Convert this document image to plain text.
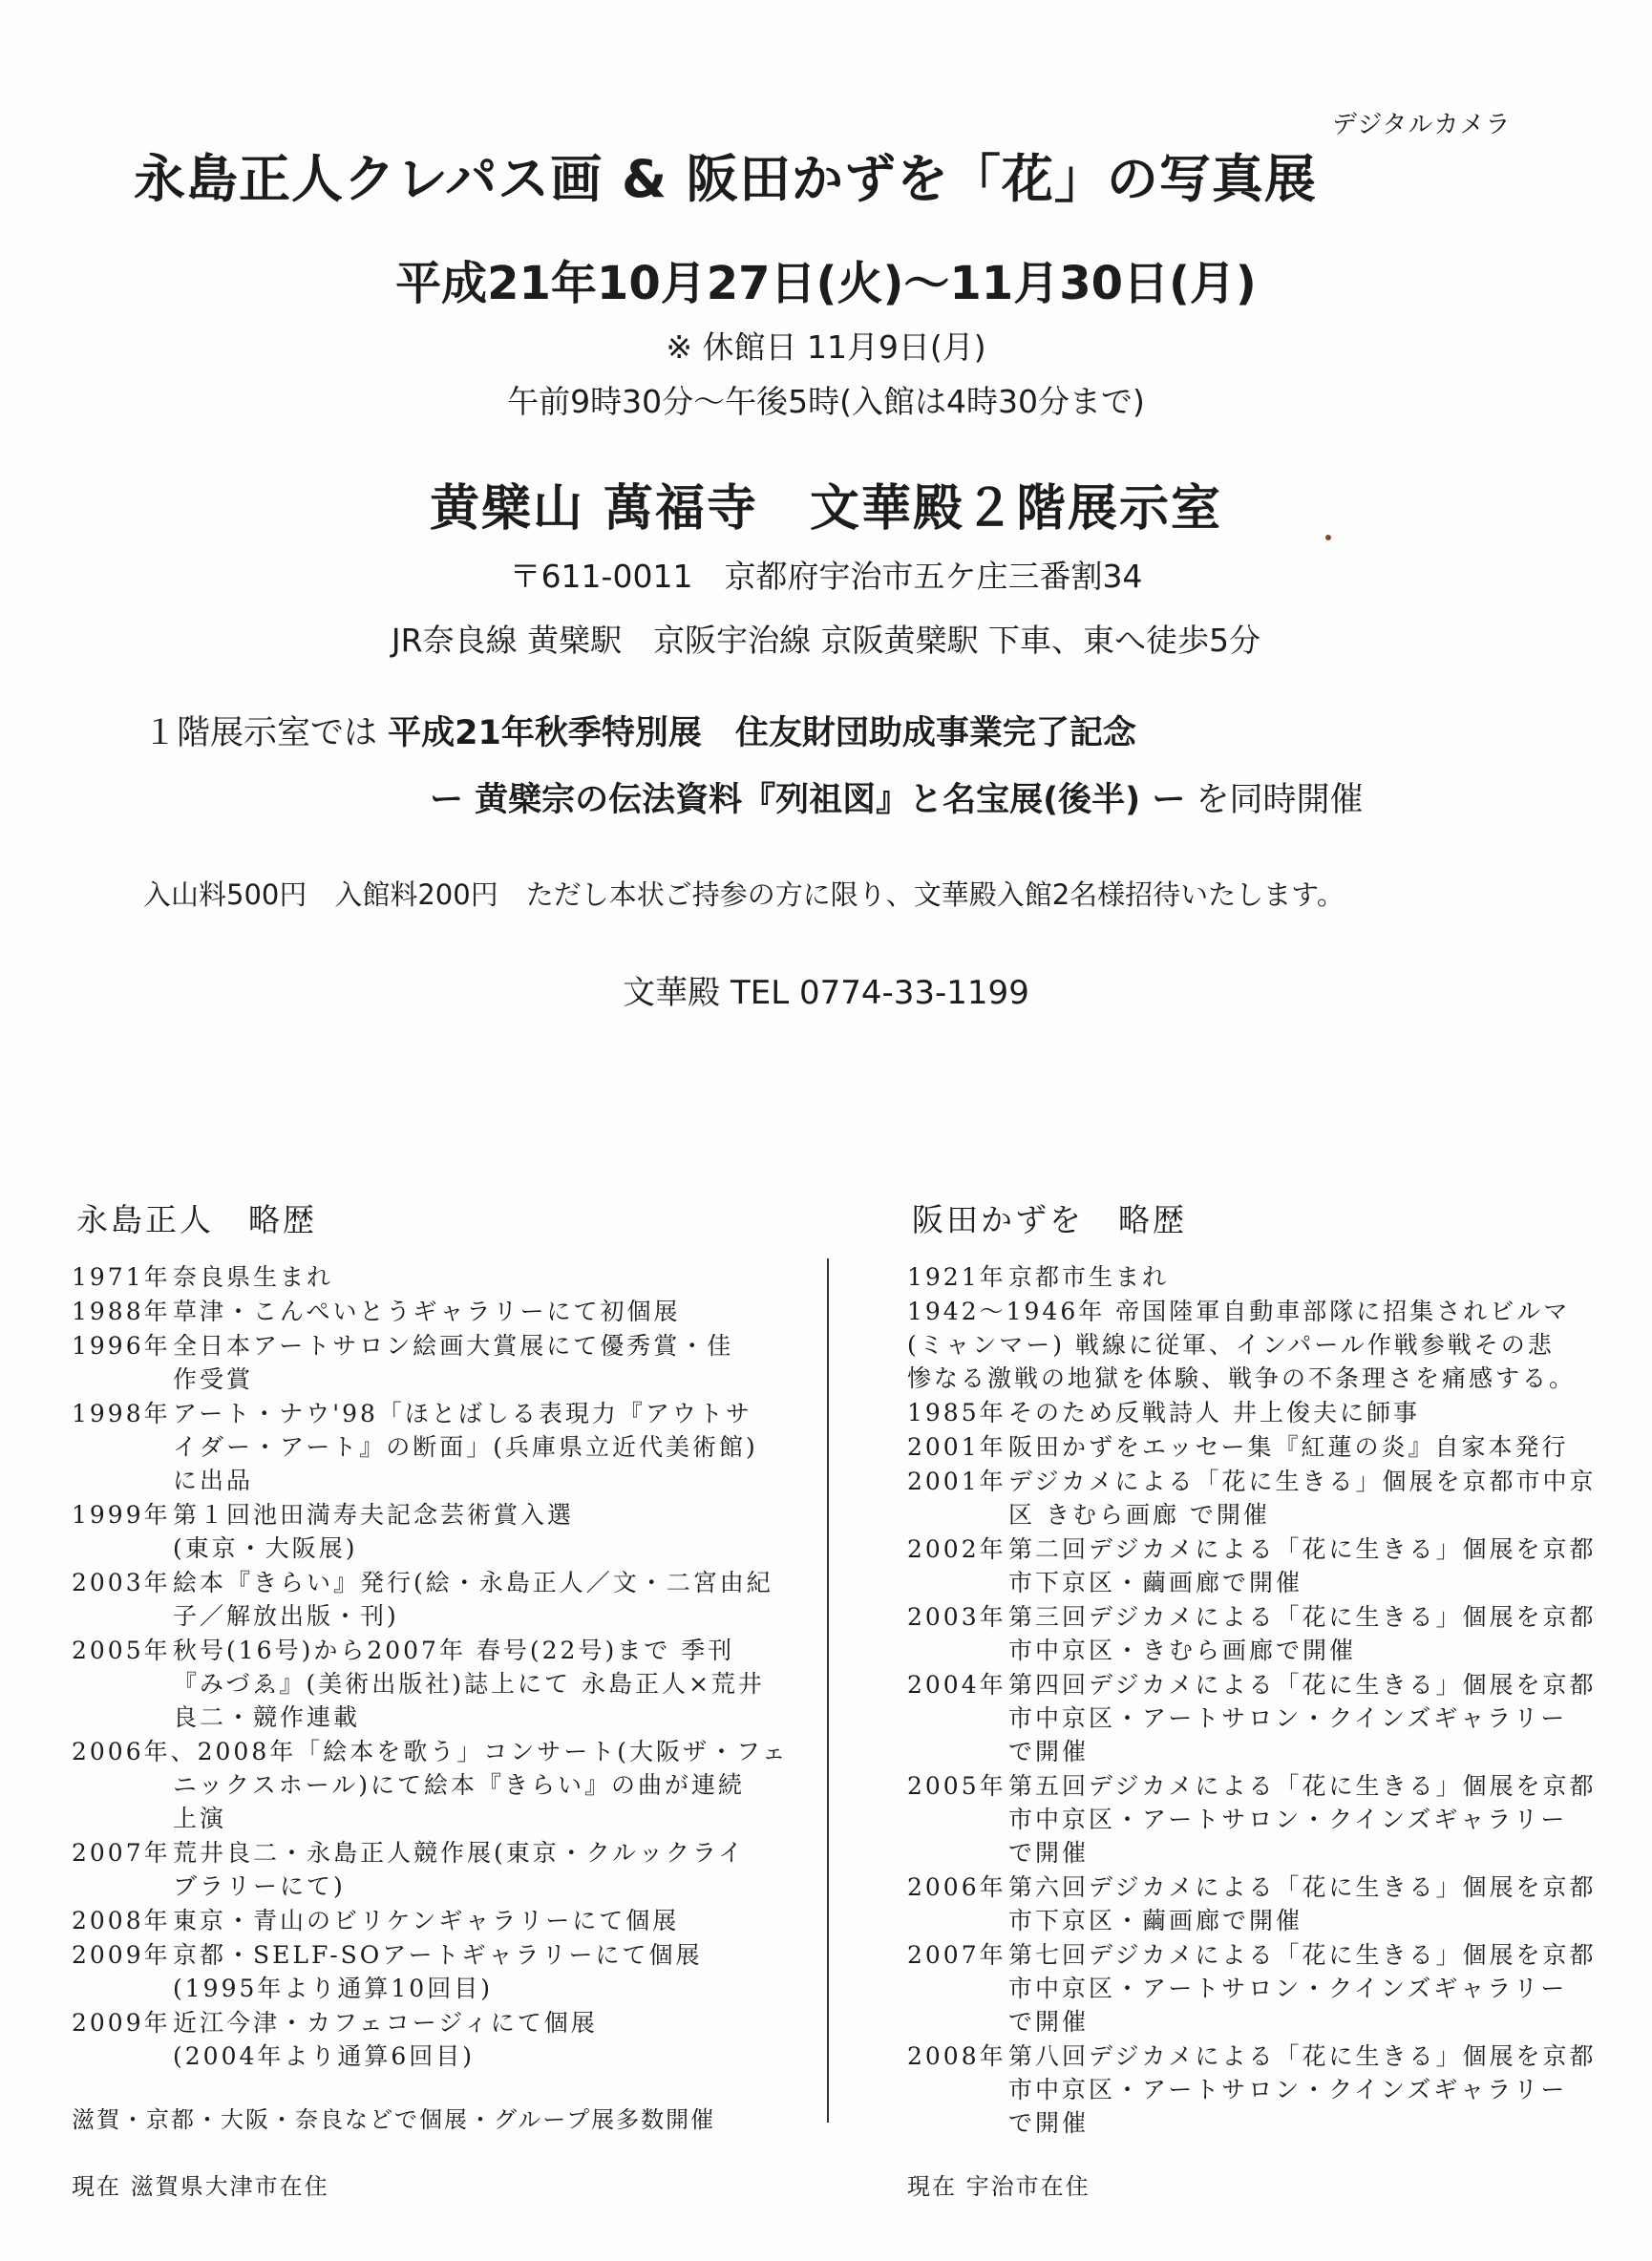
デジタルカメラ
永島正人クレパス画 & 阪田かずを「花」の写真展
平成21年10月27日(火)～11月30日(月)
※ 休館日 11月9日(月)
午前9時30分～午後5時(入館は4時30分まで)
黄檗山 萬福寺　文華殿２階展示室
〒611-0011　京都府宇治市五ケ庄三番割34
JR奈良線 黄檗駅　京阪宇治線 京阪黄檗駅 下車、東へ徒歩5分
１階展示室では 平成21年秋季特別展　住友財団助成事業完了記念
ー 黄檗宗の伝法資料『列祖図』と名宝展(後半) ー を同時開催
入山料500円　入館料200円　ただし本状ご持参の方に限り、文華殿入館2名様招待いたします。
文華殿 TEL 0774-33-1199
永島正人　略歴	阪田かずを　略歴
1971年 奈良県生まれ
1988年 草津・こんぺいとうギャラリーにて初個展
1996年 全日本アートサロン絵画大賞展にて優秀賞・佳
作受賞
1998年 アート・ナウ'98「ほとばしる表現力『アウトサ
イダー・アート』の断面」(兵庫県立近代美術館)
に出品
1999年 第１回池田満寿夫記念芸術賞入選
(東京・大阪展)
2003年 絵本『きらい』発行(絵・永島正人／文・二宮由紀
子／解放出版・刊)
2005年 秋号(16号)から2007年 春号(22号)まで 季刊
『みづゑ』(美術出版社)誌上にて 永島正人×荒井
良二・競作連載
2006年、2008年「絵本を歌う」コンサート(大阪ザ・フェ
ニックスホール)にて絵本『きらい』の曲が連続
上演
2007年 荒井良二・永島正人競作展(東京・クルックライ
ブラリーにて)
2008年 東京・青山のビリケンギャラリーにて個展
2009年 京都・SELF-SOアートギャラリーにて個展
(1995年より通算10回目)
2009年 近江今津・カフェコージィにて個展
(2004年より通算6回目)
1921年 京都市生まれ
1942～1946年 帝国陸軍自動車部隊に招集されビルマ
(ミャンマー) 戦線に従軍、インパール作戦参戦その悲
惨なる激戦の地獄を体験、戦争の不条理さを痛感する。
1985年 そのため反戦詩人 井上俊夫に師事
2001年 阪田かずをエッセー集『紅蓮の炎』自家本発行
2001年 デジカメによる「花に生きる」個展を京都市中京
区 きむら画廊 で開催
2002年 第二回デジカメによる「花に生きる」個展を京都
市下京区・繭画廊で開催
2003年 第三回デジカメによる「花に生きる」個展を京都
市中京区・きむら画廊で開催
2004年 第四回デジカメによる「花に生きる」個展を京都
市中京区・アートサロン・クインズギャラリー
で開催
2005年 第五回デジカメによる「花に生きる」個展を京都
市中京区・アートサロン・クインズギャラリー
で開催
2006年 第六回デジカメによる「花に生きる」個展を京都
市下京区・繭画廊で開催
2007年 第七回デジカメによる「花に生きる」個展を京都
市中京区・アートサロン・クインズギャラリー
で開催
2008年 第八回デジカメによる「花に生きる」個展を京都
市中京区・アートサロン・クインズギャラリー
で開催
滋賀・京都・大阪・奈良などで個展・グループ展多数開催
現在 滋賀県大津市在住	現在 宇治市在住
